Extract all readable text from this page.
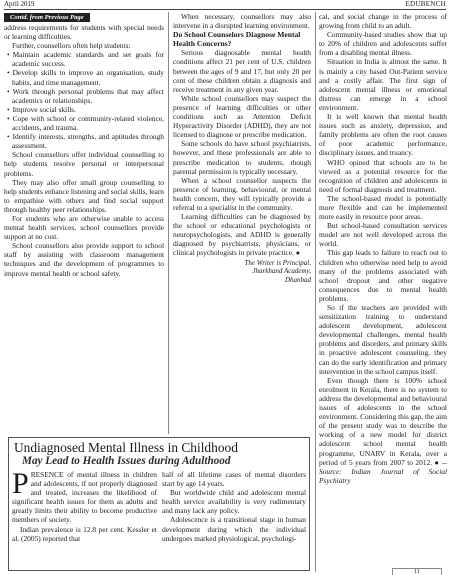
April 2019	EDUBENCH
Contd. from Previous Page

address requirements for students with special needs or learning difficulties.

Further, counsellors often help students:

• Maintain academic standards and set goals for academic success.
• Develop skills to improve an organisation, study habits, and time management.
• Work through personal problems that may affect academics or relationships.
• Improve social skills.
• Cope with school or community-related violence, accidents, and trauma.
• Identify interests, strengths, and aptitudes through assessment.

School counsellors offer individual counselling to help students resolve personal or interpersonal problems.

They may also offer small group counselling to help students enhance listening and social skills, learn to empathise with others and find social support through healthy peer relationships.

For students who are otherwise unable to access mental health services, school counsellors provide support at no cost.

School counsellors also provide support to school staff by assisting with classroom management techniques and the development of programmes to improve mental health or school safety.

When necessary, counsellors may also intervene in a disrupted learning environment.

Do School Counselors Diagnose Mental Health Concerns?

Serious diagnosable mental health conditions affect 21 per cent of U.S. children between the ages of 9 and 17, but only 20 per cent of these children obtain a diagnosis and receive treatment in any given year.

While school counsellors may suspect the presence of learning difficulties or other conditions such as Attention Deficit Hyperactivity Disorder (ADHD), they are not licensed to diagnose or prescribe medication.

Some schools do have school psychiatrists, however, and these professionals are able to prescribe medication to students, though parental permission is typically necessary.

When a school counsellor suspects the presence of learning, behavioural, or mental health concern, they will typically provide a referral to a specialist in the community.

Learning difficulties can be diagnosed by the school or educational psychologists or neuropsychologists, and ADHD is generally diagnosed by psychiatrists, physicians, or clinical psychologists in private practice. ●

The Writer is Principal,

Jharkhand Academy,

Dhanbad

cal, and social change in the process of growing from child to an adult.

Community-based studies show that up to 20% of children and adolescents suffer from a disabling mental illness.

Situation in India is almost the same. It is mainly a city based Out-Patient service and a costly affair. The first sign of adolescent mental illness or emotional distress can emerge in a school environment.

It is well known that mental health issues such as anxiety, depression, and family problems are often the root causes of poor academic performance, disciplinary issues, and truancy.

WHO opined that schools are to be viewed as a potential resource for the recognition of children and adolescents in need of formal diagnosis and treatment.

The school-based model is potentially more flexible and can be implemented more easily in resource poor areas.

But school-based consultation services model are not well developed across the world.

This gap leads to failure to reach out to children who otherwise need help to avoid many of the problems associated with school dropout and other negative consequences due to mental health problems.

So if the teachers are provided with sensitization training to understand adolescent development, adolescent developmental challenges, mental health problems and disorders, and primary skills in proactive adolescent counseling, they can do the early identification and primary intervention in the school campus itself.

Even though there is 100% school enrolment in Kerala, there is no system to address the developmental and behavioural issues of adolescents in the school environment. Considering this gap, the aim of the present study was to describe the working of a new model for district adolescent school mental health programme, UNARV in Kerala, over a period of 5 years from 2007 to 2012. ● -- Source: Indian Journal of Social Psychiatry

Undiagnosed Mental Illness in Childhood
May Lead to Health Issues during Adulthood

PRESENCE of mental illness in children and adolescents, if not properly diagnosed and treated, increases the likelihood of significant health issues for them as adults and greatly limits their ability to become productive members of society.

Indian prevalence is 12.8 per cent. Kessler et al. (2005) reported that

half of all lifetime cases of mental disorders start by age 14 years.

But worldwide child and adolescent mental health service availability is very rudimentary and many lack any policy.

Adolescence is a transitional stage in human development during which the individual undergoes marked physiological, psychologi-

11
